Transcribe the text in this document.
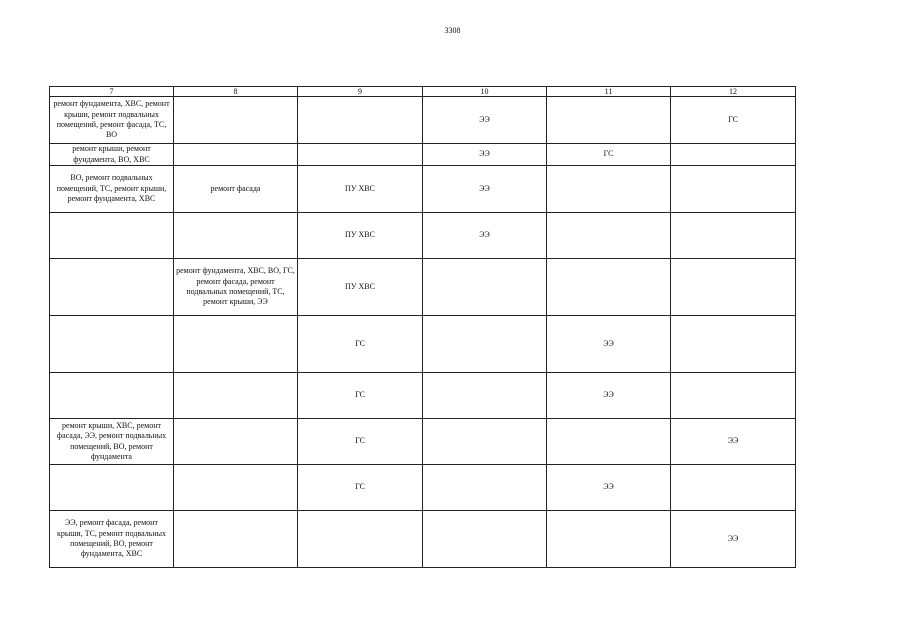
3308
7	8	9	10	11	12
ремонт фундамента, ХВС, ремонт крыши, ремонт подвальных помещений, ремонт фасада, ТС, ВО			ЭЭ		ГС
ремонт крыши, ремонт фундамента, ВО, ХВС			ЭЭ	ГС	
ВО, ремонт подвальных помещений, ТС, ремонт крыши, ремонт фундамента, ХВС	ремонт фасада	ПУ ХВС	ЭЭ		
		ПУ ХВС	ЭЭ		
	ремонт фундамента, ХВС, ВО, ГС, ремонт фасада, ремонт подвальных помещений, ТС, ремонт крыши, ЭЭ	ПУ ХВС			
		ГС		ЭЭ	
		ГС		ЭЭ	
ремонт крыши, ХВС, ремонт фасада, ЭЭ, ремонт подвальных помещений, ВО, ремонт фундамента		ГС			ЭЭ
		ГС		ЭЭ	
ЭЭ, ремонт фасада, ремонт крыши, ТС, ремонт подвальных помещений, ВО, ремонт фундамента, ХВС					ЭЭ
